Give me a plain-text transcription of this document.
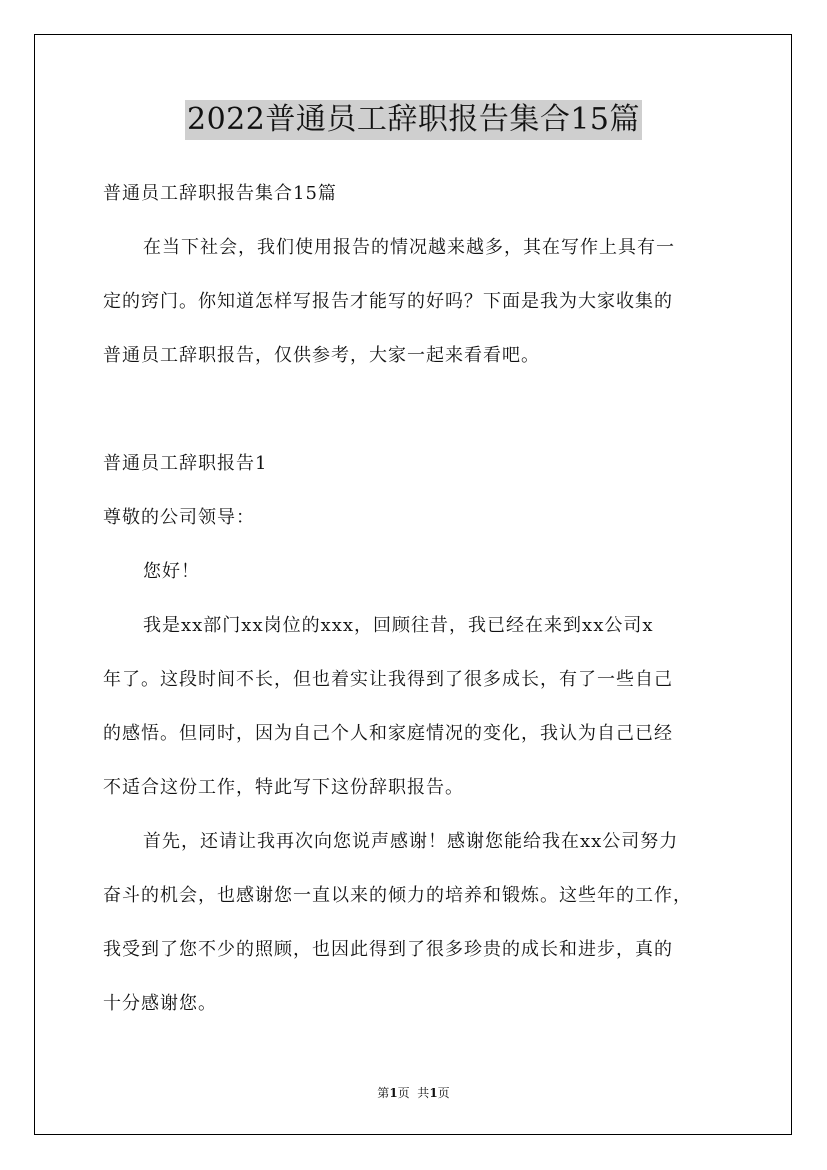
2022普通员工辞职报告集合15篇
普通员工辞职报告集合15篇
在当下社会，我们使用报告的情况越来越多，其在写作上具有一
定的窍门。你知道怎样写报告才能写的好吗？下面是我为大家收集的
普通员工辞职报告，仅供参考，大家一起来看看吧。
普通员工辞职报告1
尊敬的公司领导：
您好！
我是xx部门xx岗位的xxx，回顾往昔，我已经在来到xx公司x
年了。这段时间不长，但也着实让我得到了很多成长，有了一些自己
的感悟。但同时，因为自己个人和家庭情况的变化，我认为自己已经
不适合这份工作，特此写下这份辞职报告。
首先，还请让我再次向您说声感谢！感谢您能给我在xx公司努力
奋斗的机会，也感谢您一直以来的倾力的培养和锻炼。这些年的工作，
我受到了您不少的照顾，也因此得到了很多珍贵的成长和进步，真的
十分感谢您。
第1页  共1页
